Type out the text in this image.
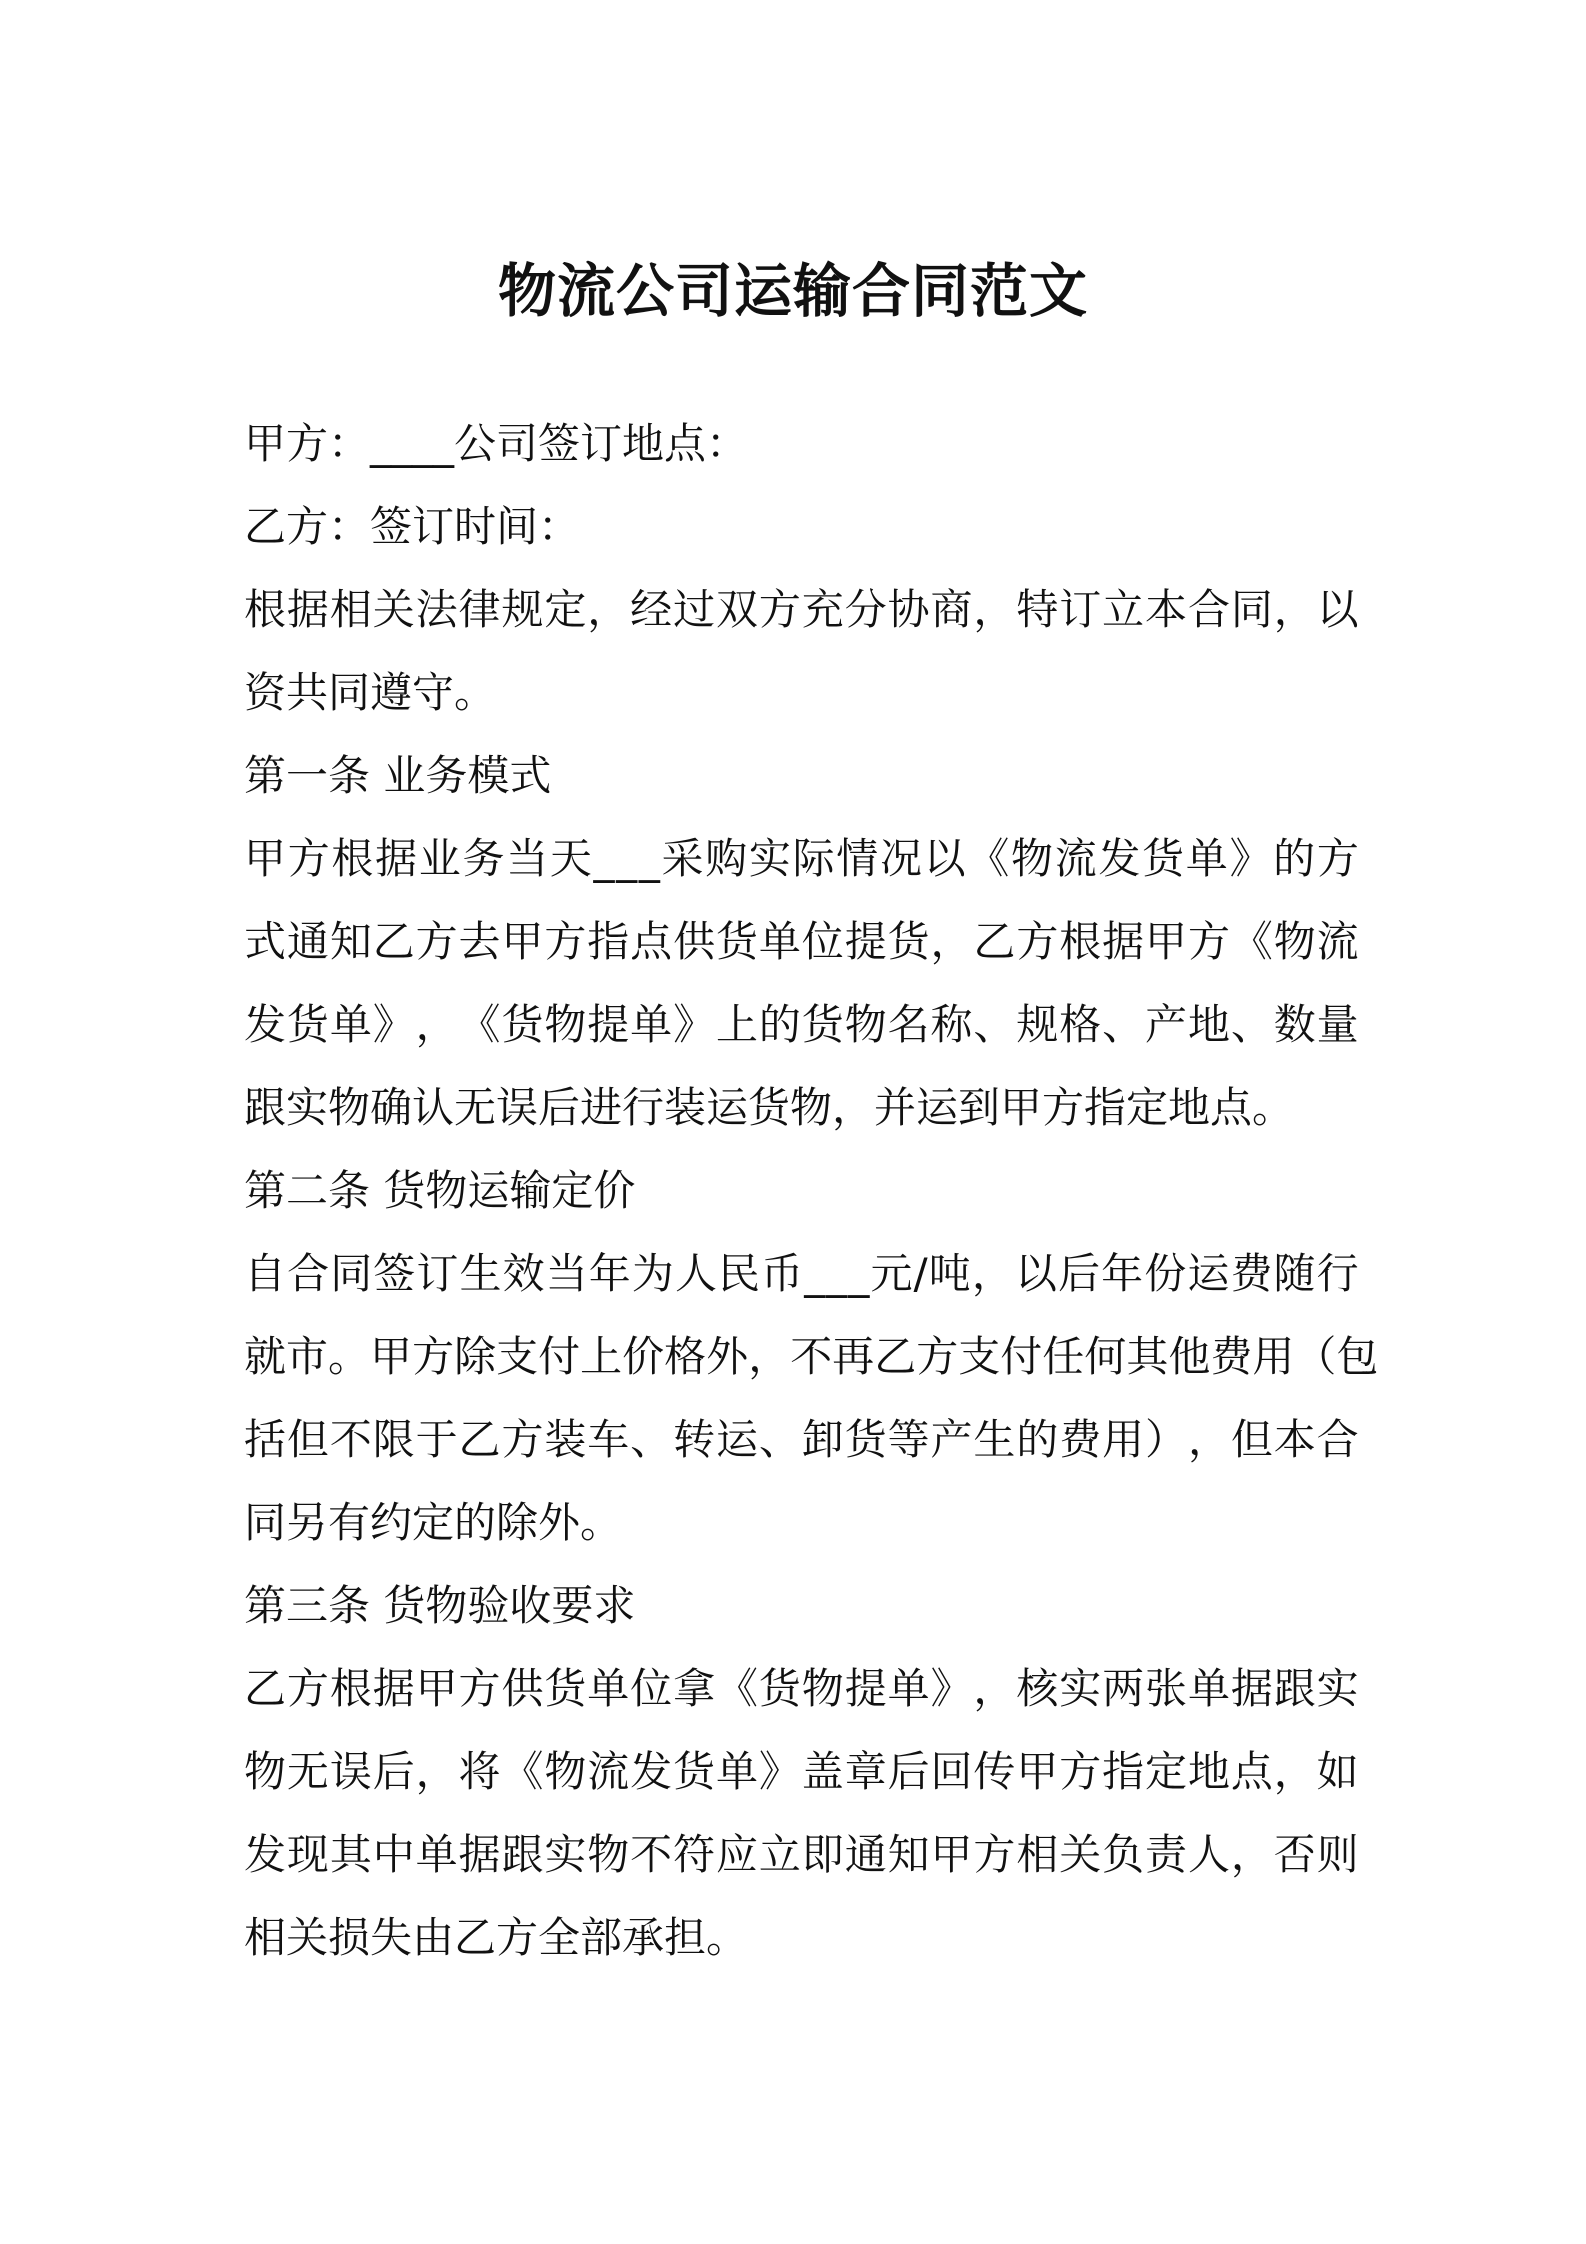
物流公司运输合同范文
甲方：____公司签订地点：
乙方：签订时间：
根 据 相 关 法 律 规 定 ， 经 过 双 方 充 分 协 商 ， 特 订 立 本 合 同 ， 以
资共同遵守。
第一条 业务模式
甲 方 根 据 业 务 当 天 _ _ _ 采 购 实 际 情 况 以 《 物 流 发 货 单 》 的 方
式 通 知 乙 方 去 甲 方 指 点 供 货 单 位 提 货 ， 乙 方 根 据 甲 方 《 物 流
发 货 单 》 ， 《 货 物 提 单 》 上 的 货 物 名 称 、 规 格 、 产 地 、 数 量
跟实物确认无误后进行装运货物，并运到甲方指定地点。
第二条 货物运输定价
自 合 同 签 订 生 效 当 年 为 人 民 币 _ _ _ 元 / 吨 ， 以 后 年 份 运 费 随 行
就 市 。 甲 方 除 支 付 上 价 格 外 ， 不 再 乙 方 支 付 任 何 其 他 费 用 （ 包
括 但 不 限 于 乙 方 装 车 、 转 运 、 卸 货 等 产 生 的 费 用 ） ， 但 本 合
同另有约定的除外。
第三条 货物验收要求
乙 方 根 据 甲 方 供 货 单 位 拿 《 货 物 提 单 》 ， 核 实 两 张 单 据 跟 实
物 无 误 后 ， 将 《 物 流 发 货 单 》 盖 章 后 回 传 甲 方 指 定 地 点 ， 如
发 现 其 中 单 据 跟 实 物 不 符 应 立 即 通 知 甲 方 相 关 负 责 人 ， 否 则
相关损失由乙方全部承担。
